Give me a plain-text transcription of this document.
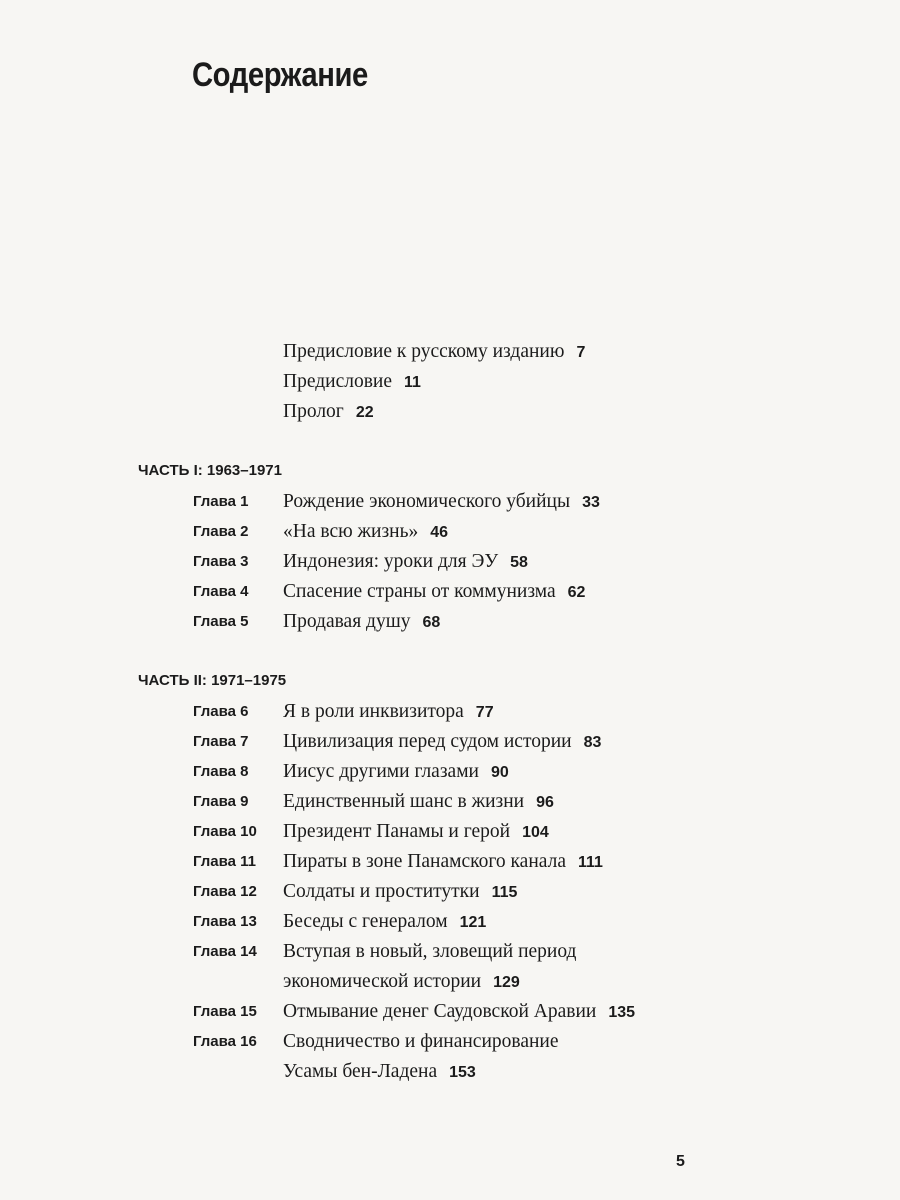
Содержание
Предисловие к русскому изданию 7
Предисловие 11
Пролог 22
ЧАСТЬ I: 1963–1971
Глава 1 Рождение экономического убийцы 33
Глава 2 «На всю жизнь» 46
Глава 3 Индонезия: уроки для ЭУ 58
Глава 4 Спасение страны от коммунизма 62
Глава 5 Продавая душу 68
ЧАСТЬ II: 1971–1975
Глава 6 Я в роли инквизитора 77
Глава 7 Цивилизация перед судом истории 83
Глава 8 Иисус другими глазами 90
Глава 9 Единственный шанс в жизни 96
Глава 10 Президент Панамы и герой 104
Глава 11 Пираты в зоне Панамского канала 111
Глава 12 Солдаты и проститутки 115
Глава 13 Беседы с генералом 121
Глава 14 Вступая в новый, зловещий период
экономической истории 129
Глава 15 Отмывание денег Саудовской Аравии 135
Глава 16 Сводничество и финансирование
Усамы бен-Ладена 153
5
